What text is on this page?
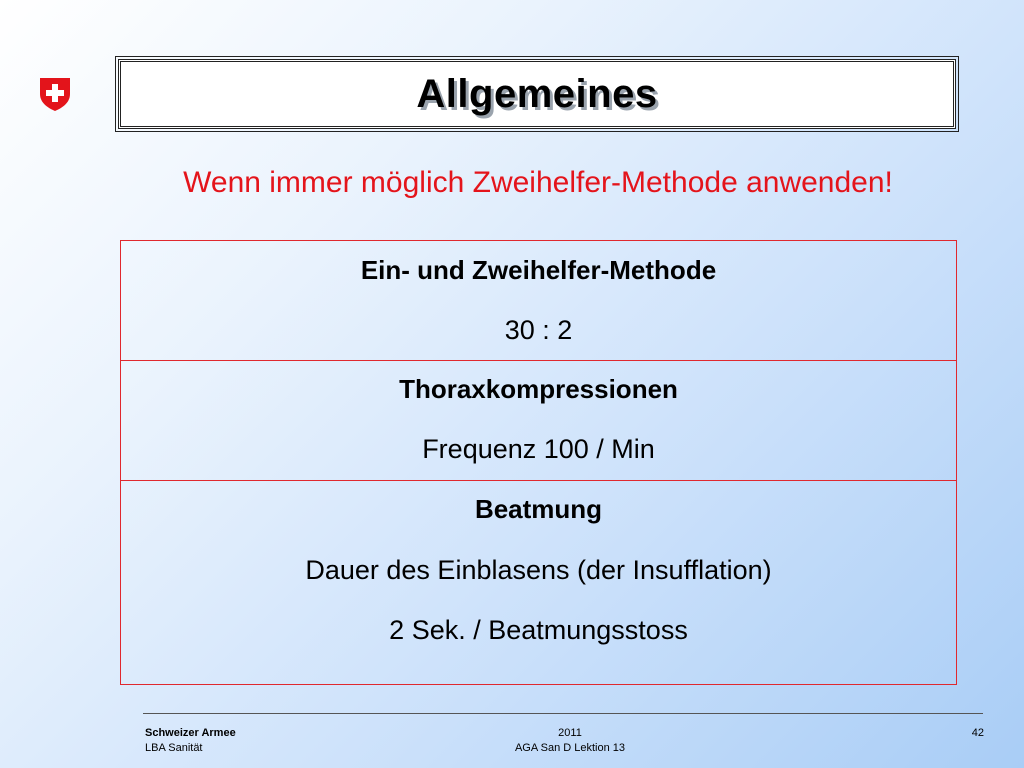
Allgemeines
Wenn immer möglich Zweihelfer-Methode anwenden!
Ein- und Zweihelfer-Methode
30 : 2
Thoraxkompressionen
Frequenz 100 / Min
Beatmung
Dauer des Einblasens (der Insufflation)
2 Sek. / Beatmungsstoss
Schweizer Armee
LBA Sanität
2011
AGA San D Lektion 13
42
